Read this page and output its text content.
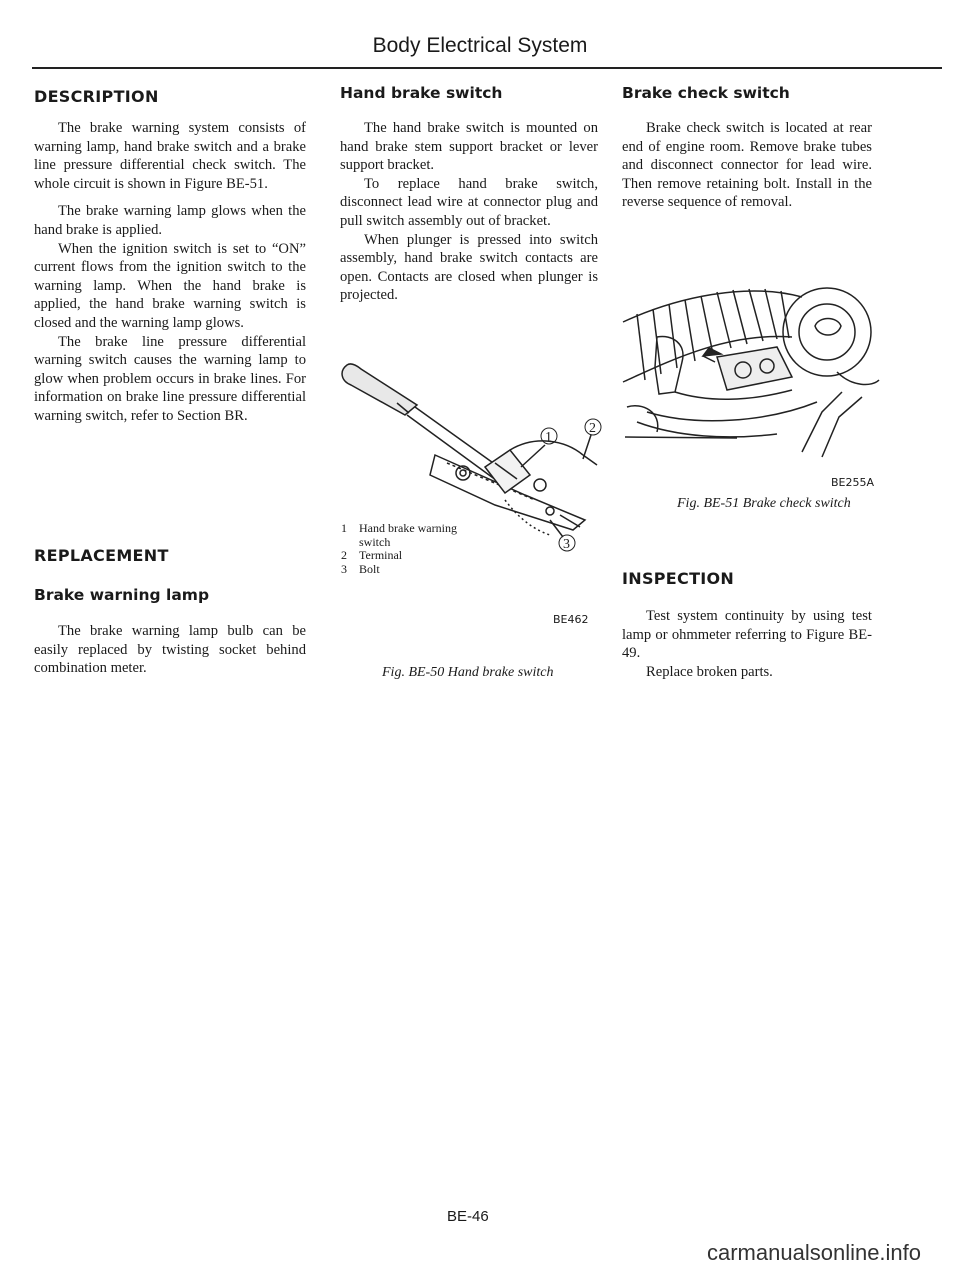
Body Electrical System
DESCRIPTION

The brake warning system consists of warning lamp, hand brake switch and a brake line pressure differential check switch. The whole circuit is shown in Figure BE-51.

The brake warning lamp glows when the hand brake is applied.

When the ignition switch is set to “ON” current flows from the ignition switch to the warning lamp. When the hand brake is applied, the hand brake warning switch is closed and the warning lamp glows.

The brake line pressure differential warning switch causes the warning lamp to glow when problem occurs in brake lines. For information on brake line pressure differential warning switch, refer to Section BR.

REPLACEMENT
Brake warning lamp

The brake warning lamp bulb can be easily replaced by twisting socket behind combination meter.

Hand brake switch

The hand brake switch is mounted on hand brake stem support bracket or lever support bracket.

To replace hand brake switch, disconnect lead wire at connector plug and pull switch assembly out of bracket.

When plunger is pressed into switch assembly, hand brake switch contacts are open. Contacts are closed when plunger is projected.

1
2
3
1 Hand brake warning
switch
2 Terminal
3 Bolt
BE462
Fig. BE-50 Hand brake switch
Brake check switch

Brake check switch is located at rear end of engine room. Remove brake tubes and disconnect connector for lead wire. Then remove retaining bolt. Install in the reverse sequence of removal.

BE255A
Fig. BE-51 Brake check switch
INSPECTION

Test system continuity by using test lamp or ohmmeter referring to Figure BE-49.

Replace broken parts.

BE-46
carmanualsonline.info
